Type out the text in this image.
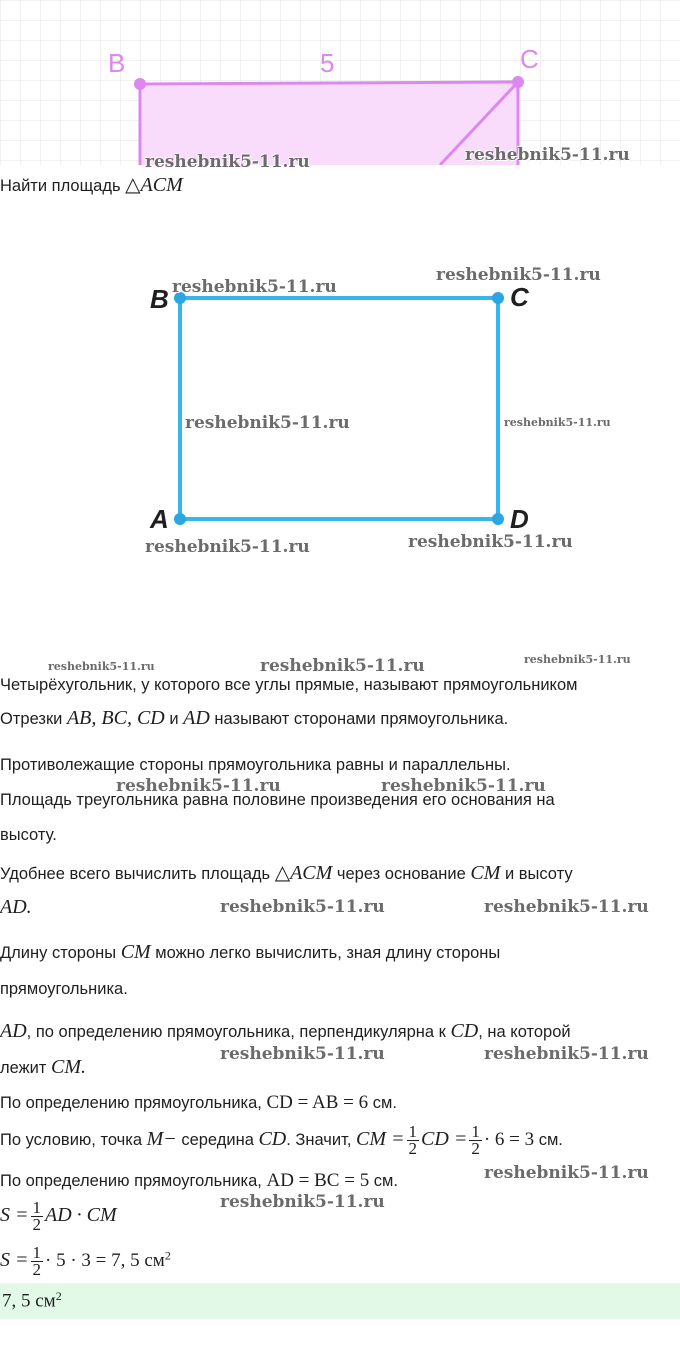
B	C
5
reshebnik5-11.ru	reshebnik5-11.ru
Найти площадь △ACM
B	C
A	D
reshebnik5-11.ru
reshebnik5-11.ru
reshebnik5-11.ru	reshebnik5-11.ru
reshebnik5-11.ru	reshebnik5-11.ru
reshebnik5-11.ru	reshebnik5-11.ru	reshebnik5-11.ru
Четырёхугольник, у которого все углы прямые, называют прямоугольником
Отрезки AB, BC, CD и AD называют сторонами прямоугольника.
Противолежащие стороны прямоугольника равны и параллельны.
reshebnik5-11.ru	reshebnik5-11.ru
Площадь треугольника равна половине произведения его основания на
высоту.
Удобнее всего вычислить площадь △ACM через основание CM и высоту
AD.	reshebnik5-11.ru	reshebnik5-11.ru
Длину стороны CM можно легко вычислить, зная длину стороны
прямоугольника.
AD, по определению прямоугольника, перпендикулярна к CD, на которой
лежит CM.
reshebnik5-11.ru	reshebnik5-11.ru
По определению прямоугольника, CD = AB = 6 см.
По условию, точка M− середина CD. Значит, CM = $\frac{1}{2}$ CD = $\frac{1}{2} \cdot 6 = 3$ см.
По определению прямоугольника, AD = BC = 5 см.	reshebnik5-11.ru
reshebnik5-11.ru
$S = \frac{1}{2}$ AD · CM
$S = \frac{1}{2} \cdot 5 \cdot 3 = 7$, 5 $см^2$
7, 5 $см^2$
